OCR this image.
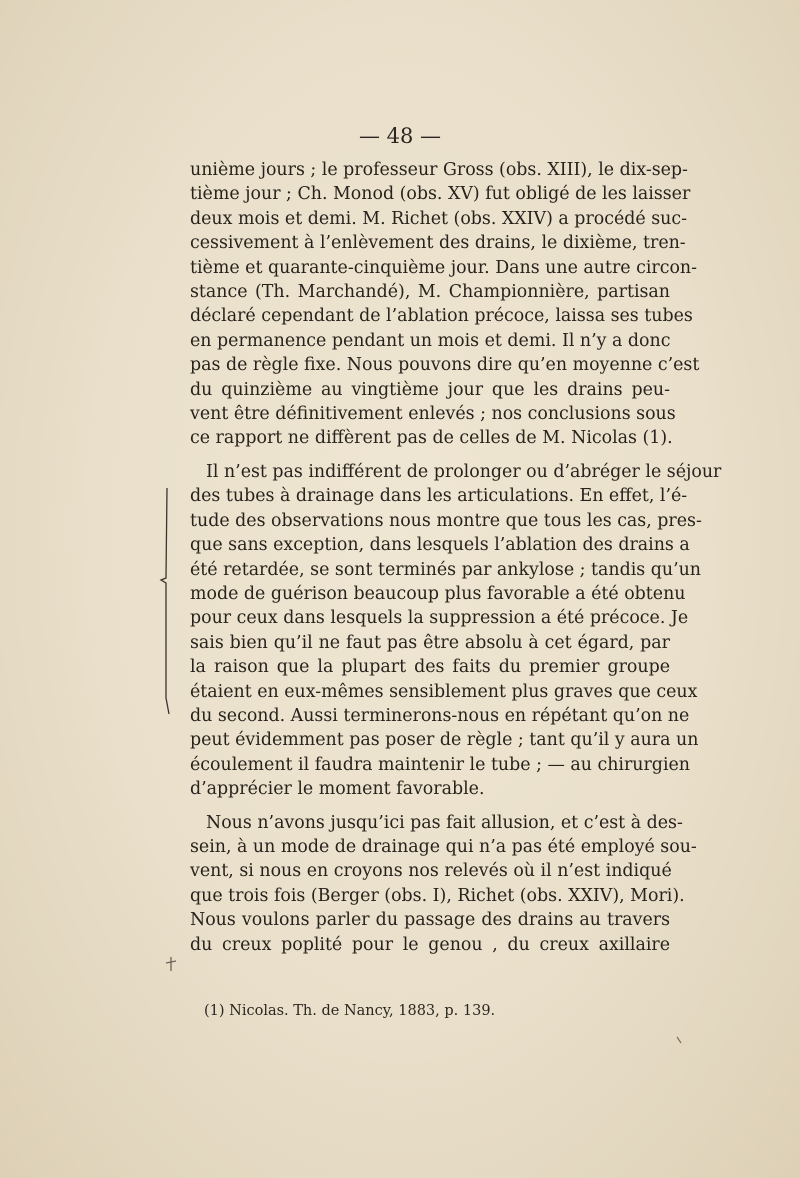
— 48 —
unième jours ; le professeur Gross (obs. XIII), le dix-sep-
tième jour ; Ch. Monod (obs. XV) fut obligé de les laisser
deux mois et demi. M. Richet (obs. XXIV) a procédé suc-
cessivement à l’enlèvement des drains, le dixième, tren-
tième et quarante-cinquième jour. Dans une autre circon-
stance (Th. Marchandé), M. Championnière, partisan
déclaré cependant de l’ablation précoce, laissa ses tubes
en permanence pendant un mois et demi. Il n’y a donc
pas de règle fixe. Nous pouvons dire qu’en moyenne c’est
du quinzième au vingtième jour que les drains peu-
vent être définitivement enlevés ; nos conclusions sous
ce rapport ne diffèrent pas de celles de M. Nicolas (1).
Il n’est pas indifférent de prolonger ou d’abréger le séjour
des tubes à drainage dans les articulations. En effet, l’é-
tude des observations nous montre que tous les cas, pres-
que sans exception, dans lesquels l’ablation des drains a
été retardée, se sont terminés par ankylose ; tandis qu’un
mode de guérison beaucoup plus favorable a été obtenu
pour ceux dans lesquels la suppression a été précoce. Je
sais bien qu’il ne faut pas être absolu à cet égard, par
la raison que la plupart des faits du premier groupe
étaient en eux-mêmes sensiblement plus graves que ceux
du second. Aussi terminerons-nous en répétant qu’on ne
peut évidemment pas poser de règle ; tant qu’il y aura un
écoulement il faudra maintenir le tube ; — au chirurgien
d’apprécier le moment favorable.
Nous n’avons jusqu’ici pas fait allusion, et c’est à des-
sein, à un mode de drainage qui n’a pas été employé sou-
vent, si nous en croyons nos relevés où il n’est indiqué
que trois fois (Berger (obs. I), Richet (obs. XXIV), Mori).
Nous voulons parler du passage des drains au travers
du creux poplité pour le genou , du creux axillaire
(1) Nicolas. Th. de Nancy, 1883, p. 139.
